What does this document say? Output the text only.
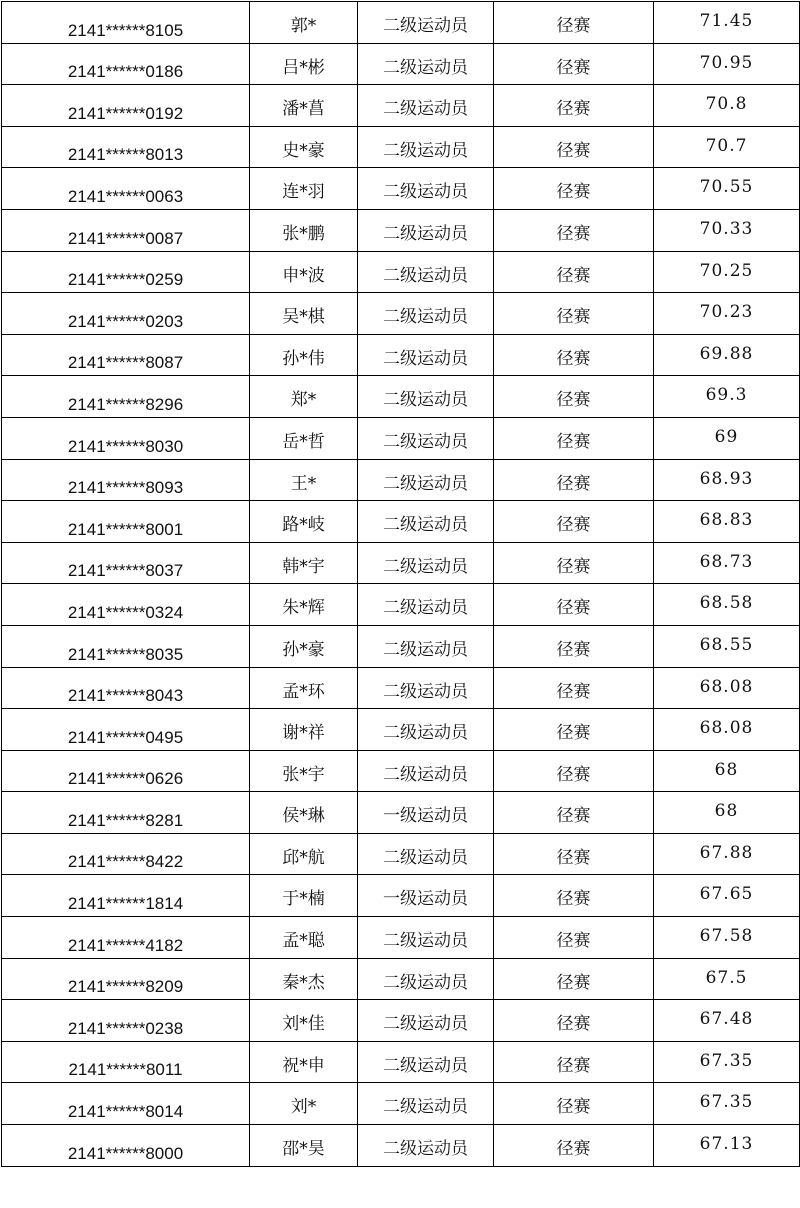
2141******8105	郭*	二级运动员	径赛	71.45
2141******0186	吕*彬	二级运动员	径赛	70.95
2141******0192	潘*菖	二级运动员	径赛	70.8
2141******8013	史*豪	二级运动员	径赛	70.7
2141******0063	连*羽	二级运动员	径赛	70.55
2141******0087	张*鹏	二级运动员	径赛	70.33
2141******0259	申*波	二级运动员	径赛	70.25
2141******0203	吴*棋	二级运动员	径赛	70.23
2141******8087	孙*伟	二级运动员	径赛	69.88
2141******8296	郑*	二级运动员	径赛	69.3
2141******8030	岳*哲	二级运动员	径赛	69
2141******8093	王*	二级运动员	径赛	68.93
2141******8001	路*岐	二级运动员	径赛	68.83
2141******8037	韩*宇	二级运动员	径赛	68.73
2141******0324	朱*辉	二级运动员	径赛	68.58
2141******8035	孙*豪	二级运动员	径赛	68.55
2141******8043	孟*环	二级运动员	径赛	68.08
2141******0495	谢*祥	二级运动员	径赛	68.08
2141******0626	张*宇	二级运动员	径赛	68
2141******8281	侯*琳	一级运动员	径赛	68
2141******8422	邱*航	二级运动员	径赛	67.88
2141******1814	于*楠	一级运动员	径赛	67.65
2141******4182	孟*聪	二级运动员	径赛	67.58
2141******8209	秦*杰	二级运动员	径赛	67.5
2141******0238	刘*佳	二级运动员	径赛	67.48
2141******8011	祝*申	二级运动员	径赛	67.35
2141******8014	刘*	二级运动员	径赛	67.35
2141******8000	邵*昊	二级运动员	径赛	67.13
